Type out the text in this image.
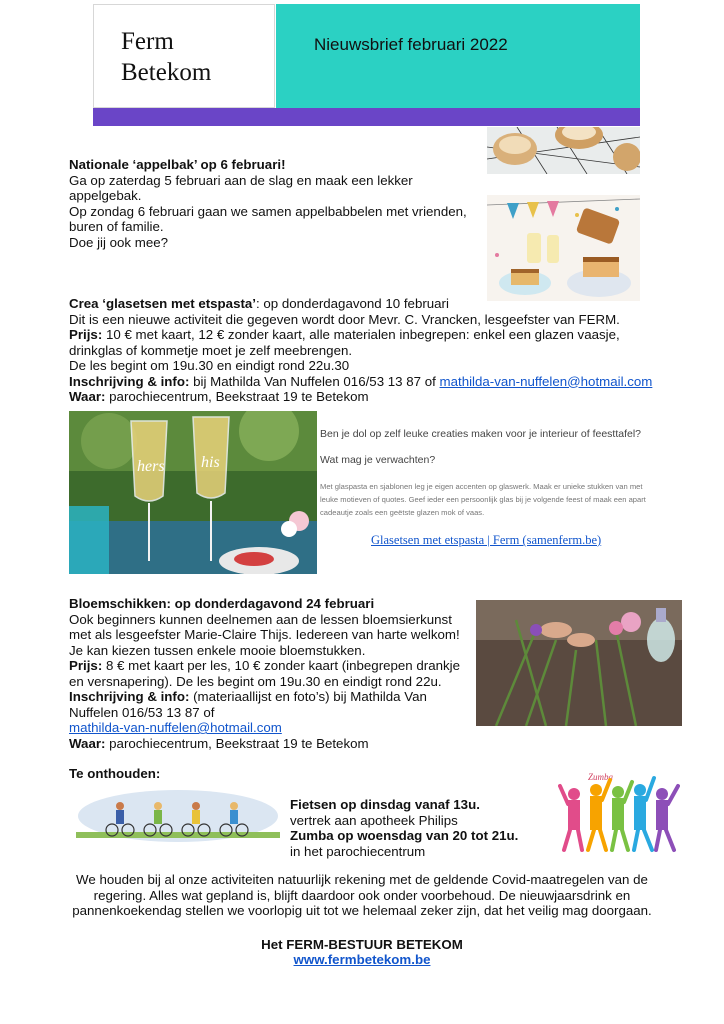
Ferm
Betekom
Nieuwsbrief februari 2022

Nationale ‘appelbak’ op 6 februari!

Ga op zaterdag 5 februari aan de slag en maak een lekker

appelgebak.

Op zondag 6 februari gaan we samen appelbabbelen met vrienden,

buren of familie.

Doe jij ook mee?

Crea ‘glasetsen met etspasta’: op donderdagavond 10 februari

Dit is een nieuwe activiteit die gegeven wordt door Mevr. C. Vrancken, lesgeefster van FERM.

Prijs: 10 € met kaart, 12 € zonder kaart, alle materialen inbegrepen: enkel een glazen vaasje,

drinkglas of kommetje moet je zelf meebrengen.

De les begint om 19u.30 en eindigt rond 22u.30

Inschrijving & info: bij Mathilda Van Nuffelen 016/53 13 87 of mathilda-van-nuffelen@hotmail.com

Waar: parochiecentrum, Beekstraat 19 te Betekom

hers his
Ben je dol op zelf leuke creaties maken voor je interieur of feesttafel?
Wat mag je verwachten?
Met glaspasta en sjablonen leg je eigen accenten op glaswerk. Maak er unieke stukken van met
leuke motieven of quotes. Geef ieder een persoonlijk glas bij je volgende feest of maak een apart
cadeautje zoals een geëtste glazen mok of vaas.
Glasetsen met etspasta | Ferm (samenferm.be)

Bloemschikken: op donderdagavond 24 februari

Ook beginners kunnen deelnemen aan de lessen bloemsierkunst

met als lesgeefster Marie-Claire Thijs. Iedereen van harte welkom!

Je kan kiezen tussen enkele mooie bloemstukken.

Prijs: 8 € met kaart per les, 10 € zonder kaart (inbegrepen drankje

en versnapering). De les begint om 19u.30 en eindigt rond 22u.

Inschrijving & info: (materiaallijst en foto’s) bij Mathilda Van

Nuffelen 016/53 13 87 of

mathilda-van-nuffelen@hotmail.com

Waar: parochiecentrum, Beekstraat 19 te Betekom

Te onthouden:
Fietsen op dinsdag vanaf 13u.
vertrek aan apotheek Philips
Zumba op woensdag van 20 tot 21u.
in het parochiecentrum
Zumba
We houden bij al onze activiteiten natuurlijk rekening met de geldende Covid-maatregelen van de
regering. Alles wat gepland is, blijft daardoor ook onder voorbehoud. De nieuwjaarsdrink en
pannenkoekendag stellen we voorlopig uit tot we helemaal zeker zijn, dat het veilig mag doorgaan.
Het FERM-BESTUUR BETEKOM
www.fermbetekom.be
